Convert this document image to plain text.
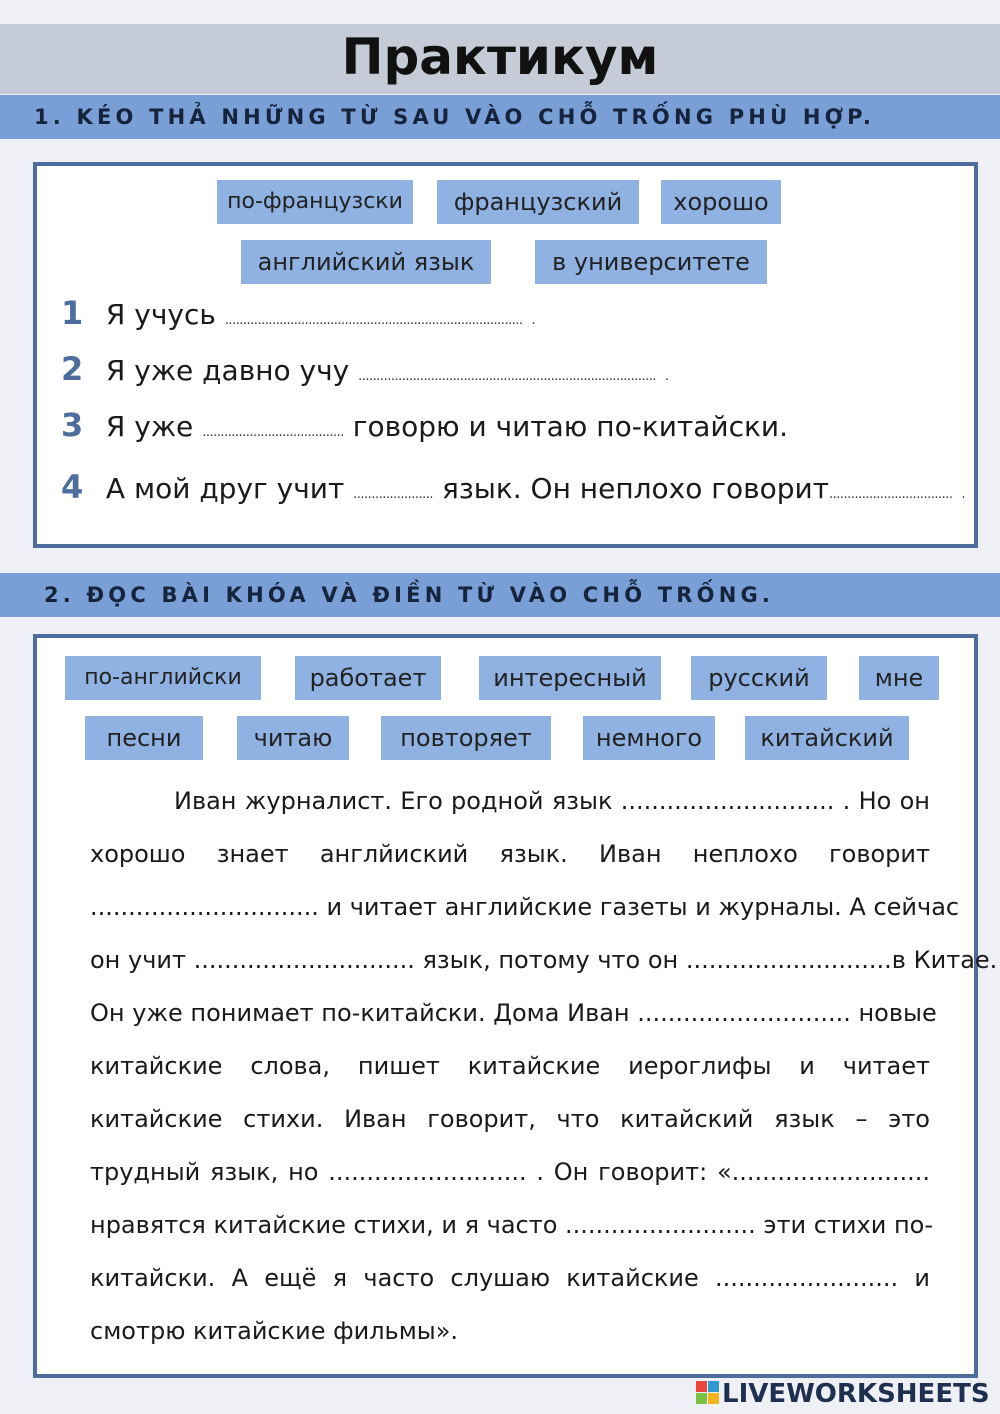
Практикум
1. KÉO THẢ NHỮNG TỪ SAU VÀO CHỖ TRỐNG PHÙ HỢP.
по-французски	французский	хорошо
английский язык	в университете
1 Я учусь .................................................................................. .
2 Я уже давно учу .................................................................................. .
3 Я уже ....................................... говорю и читаю по-китайски.
4 А мой друг учит ...................... язык. Он неплохо говорит.................................. .
2. ĐỌC BÀI KHÓA VÀ ĐIỀN TỪ VÀO CHỖ TRỐNG.
по-английски	работает	интересный	русский	мне
песни	читаю	повторяет	немного	китайский
Иван журналист. Его родной язык ............................ . Но он
хорошо знает англйиский язык. Иван неплохо говорит
.............................. и читает английские газеты и журналы. А сейчас
он учит ............................. язык, потому что он ...........................в Китае.
Он уже понимает по-китайски. Дома Иван ............................ новые
китайские слова, пишет китайские иероглифы и читает
китайские стихи. Иван говорит, что китайский язык – это
трудный язык, но .......................... . Он говорит: «..........................
нравятся китайские стихи, и я часто ......................... эти стихи по-
китайски. А ещё я часто слушаю китайские ........................ и
смотрю китайские фильмы».
LIVEWORKSHEETS
